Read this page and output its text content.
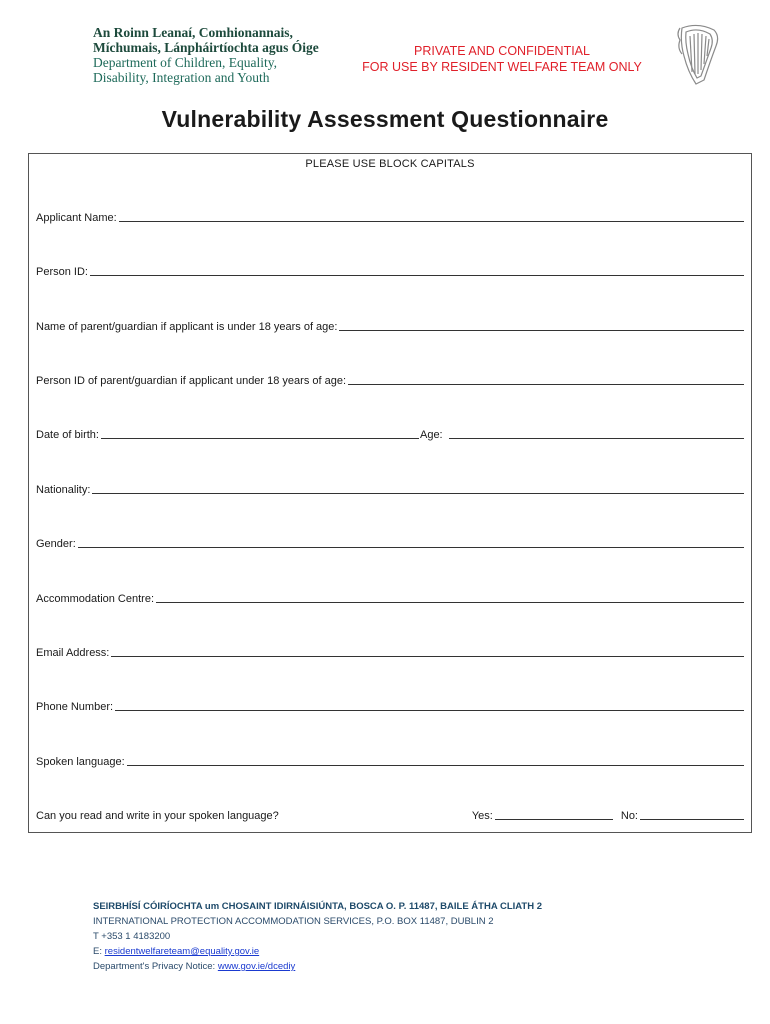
An Roinn Leanaí, Comhionannais,
Míchumais, Lánpháirtíochta agus Óige
Department of Children, Equality,
Disability, Integration and Youth
PRIVATE AND CONFIDENTIAL
FOR USE BY RESIDENT WELFARE TEAM ONLY
Vulnerability Assessment Questionnaire
PLEASE USE BLOCK CAPITALS
Applicant Name:
Person ID:
Name of parent/guardian if applicant is under 18 years of age:
Person ID of parent/guardian if applicant under 18 years of age:
Date of birth:	Age:
Nationality:
Gender:
Accommodation Centre:
Email Address:
Phone Number:
Spoken language:
Can you read and write in your spoken language?	Yes:	No:
SEIRBHÍSÍ CÓIRÍOCHTA um CHOSAINT IDIRNÁISIÚNTA, BOSCA O. P. 11487, BAILE ÁTHA CLIATH 2
INTERNATIONAL PROTECTION ACCOMMODATION SERVICES, P.O. BOX 11487, DUBLIN 2
T +353 1 4183200
E: residentwelfareteam@equality.gov.ie
Department's Privacy Notice: www.gov.ie/dcediy
